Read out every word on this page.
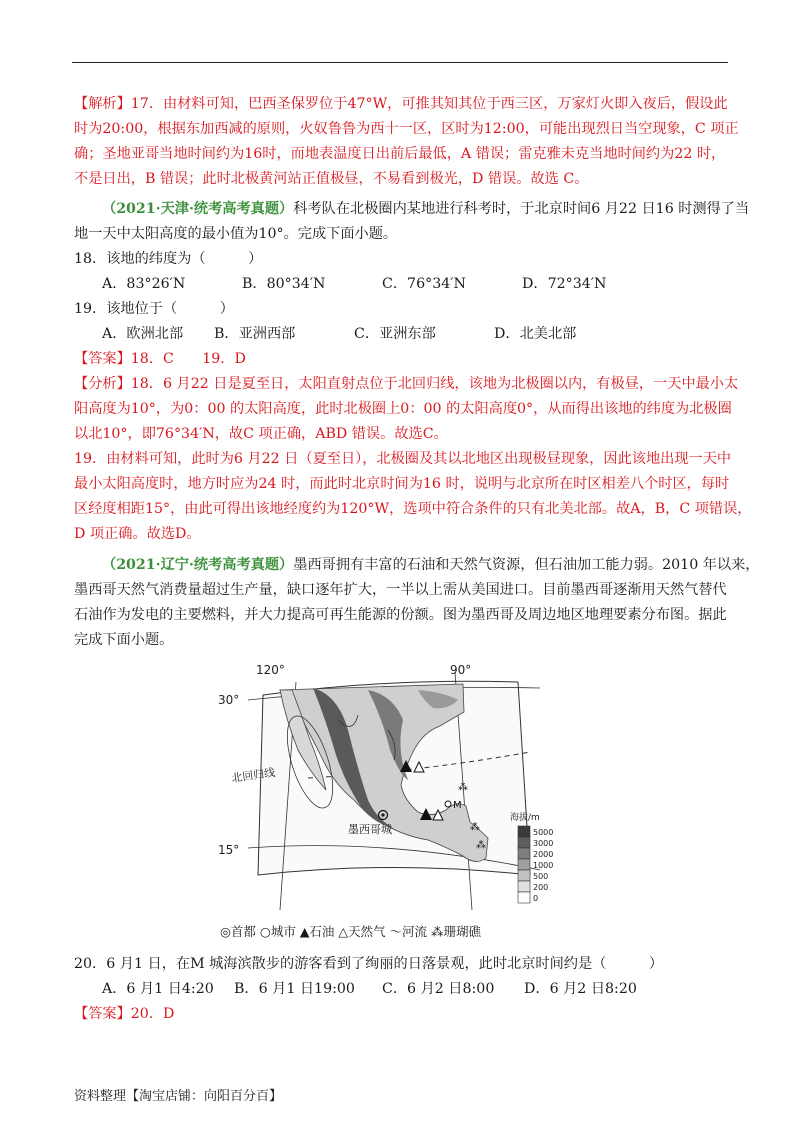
【解析】17．由材料可知，巴西圣保罗位于47°W，可推其知其位于西三区，万家灯火即入夜后，假设此
时为20:00，根据东加西减的原则，火奴鲁鲁为西十一区，区时为12:00，可能出现烈日当空现象，C 项正
确；圣地亚哥当地时间约为16时，而地表温度日出前后最低，A 错误；雷克雅未克当地时间约为22 时，
不是日出，B 错误；此时北极黄河站正值极昼，不易看到极光，D 错误。故选 C。
（2021·天津·统考高考真题）科考队在北极圈内某地进行科考时，于北京时间6 月22 日16 时测得了当
地一天中太阳高度的最小值为10°。完成下面小题。
18．该地的纬度为（　　　）
A．83°26′N	B．80°34′N	C．76°34′N	D．72°34′N
19．该地位于（　　　）
A．欧洲北部	B．亚洲西部	C．亚洲东部	D．北美北部
【答案】18．C　　19．D
【分析】18．6 月22 日是夏至日，太阳直射点位于北回归线，该地为北极圈以内，有极昼，一天中最小太
阳高度为10°，为0：00 的太阳高度，此时北极圈上0：00 的太阳高度0°，从而得出该地的纬度为北极圈
以北10°，即76°34′N，故C 项正确，ABD 错误。故选C。
19．由材料可知，此时为6 月22 日（夏至日），北极圈及其以北地区出现极昼现象，因此该地出现一天中
最小太阳高度时，地方时应为24 时，而此时北京时间为16 时，说明与北京所在时区相差八个时区，每时
区经度相距15°，由此可得出该地经度约为120°W，选项中符合条件的只有北美北部。故A，B，C 项错误，
D 项正确。故选D。
（2021·辽宁·统考高考真题）墨西哥拥有丰富的石油和天然气资源，但石油加工能力弱。2010 年以来，
墨西哥天然气消费量超过生产量，缺口逐年扩大，一半以上需从美国进口。目前墨西哥逐渐用天然气替代
石油作为发电的主要燃料，并大力提高可再生能源的份额。图为墨西哥及周边地区地理要素分布图。据此
完成下面小题。
墨西哥城
M
⁂
⁂
⁂
120°	90°
30°
15°
北回归线
海拔/m
5000
3000
2000
1000
500
200
0
◎首都 ○城市 ▲石油 △天然气 〜河流 ⁂珊瑚礁
20．6 月1 日，在M 城海滨散步的游客看到了绚丽的日落景观，此时北京时间约是（　　　）
A．6 月1 日4:20	B．6 月1 日19:00	C．6 月2 日8:00	D．6 月2 日8:20
【答案】20．D
资料整理【淘宝店铺：向阳百分百】
